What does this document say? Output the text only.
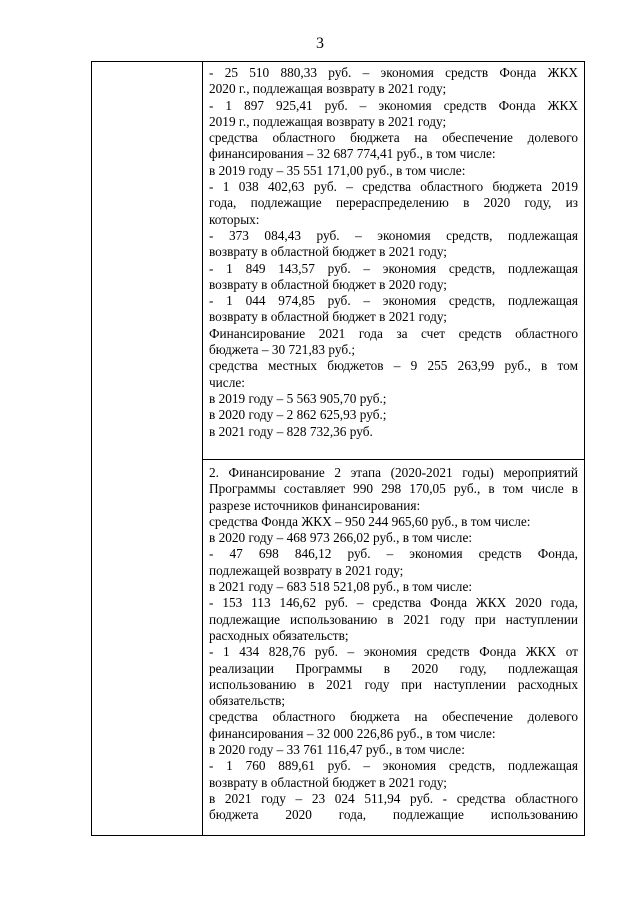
3
- 25 510 880,33 руб. – экономия средств Фонда ЖКХ
2020 г., подлежащая возврату в 2021 году;
- 1 897 925,41 руб. – экономия средств Фонда ЖКХ
2019 г., подлежащая возврату в 2021 году;
средства областного бюджета на обеспечение долевого
финансирования – 32 687 774,41 руб., в том числе:
в 2019 году – 35 551 171,00 руб., в том числе:
- 1 038 402,63 руб. – средства областного бюджета 2019
года, подлежащие перераспределению в 2020 году, из
которых:
- 373 084,43 руб. – экономия средств, подлежащая
возврату в областной бюджет в 2021 году;
- 1 849 143,57 руб. – экономия средств, подлежащая
возврату в областной бюджет в 2020 году;
- 1 044 974,85 руб. – экономия средств, подлежащая
возврату в областной бюджет в 2021 году;
Финансирование 2021 года за счет средств областного
бюджета – 30 721,83 руб.;
средства местных бюджетов – 9 255 263,99 руб., в том
числе:
в 2019 году – 5 563 905,70 руб.;
в 2020 году – 2 862 625,93 руб.;
в 2021 году – 828 732,36 руб.
2. Финансирование 2 этапа (2020-2021 годы) мероприятий
Программы составляет 990 298 170,05 руб., в том числе в
разрезе источников финансирования:
средства Фонда ЖКХ – 950 244 965,60 руб., в том числе:
в 2020 году – 468 973 266,02 руб., в том числе:
- 47 698 846,12 руб. – экономия средств Фонда,
подлежащей возврату в 2021 году;
в 2021 году – 683 518 521,08 руб., в том числе:
- 153 113 146,62 руб. – средства Фонда ЖКХ 2020 года,
подлежащие использованию в 2021 году при наступлении
расходных обязательств;
- 1 434 828,76 руб. – экономия средств Фонда ЖКХ от
реализации Программы в 2020 году, подлежащая
использованию в 2021 году при наступлении расходных
обязательств;
средства областного бюджета на обеспечение долевого
финансирования – 32 000 226,86 руб., в том числе:
в 2020 году – 33 761 116,47 руб., в том числе:
- 1 760 889,61 руб. – экономия средств, подлежащая
возврату в областной бюджет в 2021 году;
в 2021 году – 23 024 511,94 руб. - средства областного
бюджета 2020 года, подлежащие использованию
